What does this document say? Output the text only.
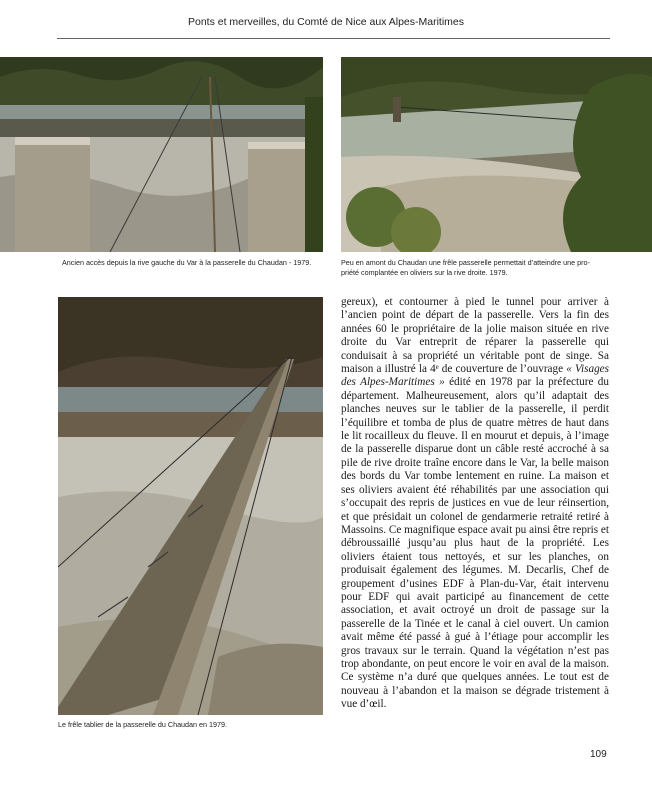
Ponts et merveilles, du Comté de Nice aux Alpes-Maritimes
Ancien accès depuis la rive gauche du Var à la passerelle du Chaudan - 1979.	Peu en amont du Chaudan une frêle passerelle permettait d’atteindre une pro-
priété complantée en oliviers sur la rive droite. 1979.
Le frêle tablier de la passerelle du Chaudan en 1979.

gereux), et contourner à pied le tunnel pour arriver à l’ancien point de départ de la passerelle. Vers la fin des années 60 le propriétaire de la jolie maison située en rive droite du Var entreprit de réparer la passerelle qui conduisait à sa propriété un véritable pont de singe. Sa maison a illustré la 4ᵉ de couverture de l’ouvrage « Visages des Alpes-Maritimes » édité en 1978 par la préfecture du département. Malheureusement, alors qu’il adaptait des planches neuves sur le tablier de la passerelle, il perdit l’équilibre et tomba de plus de quatre mètres de haut dans le lit rocailleux du fleuve. Il en mourut et depuis, à l’image de la passerelle disparue dont un câble resté accroché à sa pile de rive droite traîne encore dans le Var, la belle maison des bords du Var tombe lentement en ruine. La maison et ses oliviers avaient été réhabilités par une association qui s’occupait des repris de justices en vue de leur réinsertion, et que présidait un colonel de gendarmerie retraité retiré à Massoins. Ce magnifique espace avait pu ainsi être repris et débroussaillé jusqu’au plus haut de la propriété. Les oliviers étaient tous nettoyés, et sur les planches, on produisait également des légumes. M. Decarlis, Chef de groupement d’usines EDF à Plan-du-Var, était intervenu pour EDF qui avait participé au financement de cette association, et avait octroyé un droit de passage sur la passerelle de la Tinée et le canal à ciel ouvert. Un camion avait même été passé à gué à l’étiage pour accomplir les gros travaux sur le terrain. Quand la végétation n’est pas trop abondante, on peut encore le voir en aval de la maison. Ce système n’a duré que quelques années. Le tout est de nouveau à l’abandon et la maison se dégrade tristement à vue d’œil.

109
